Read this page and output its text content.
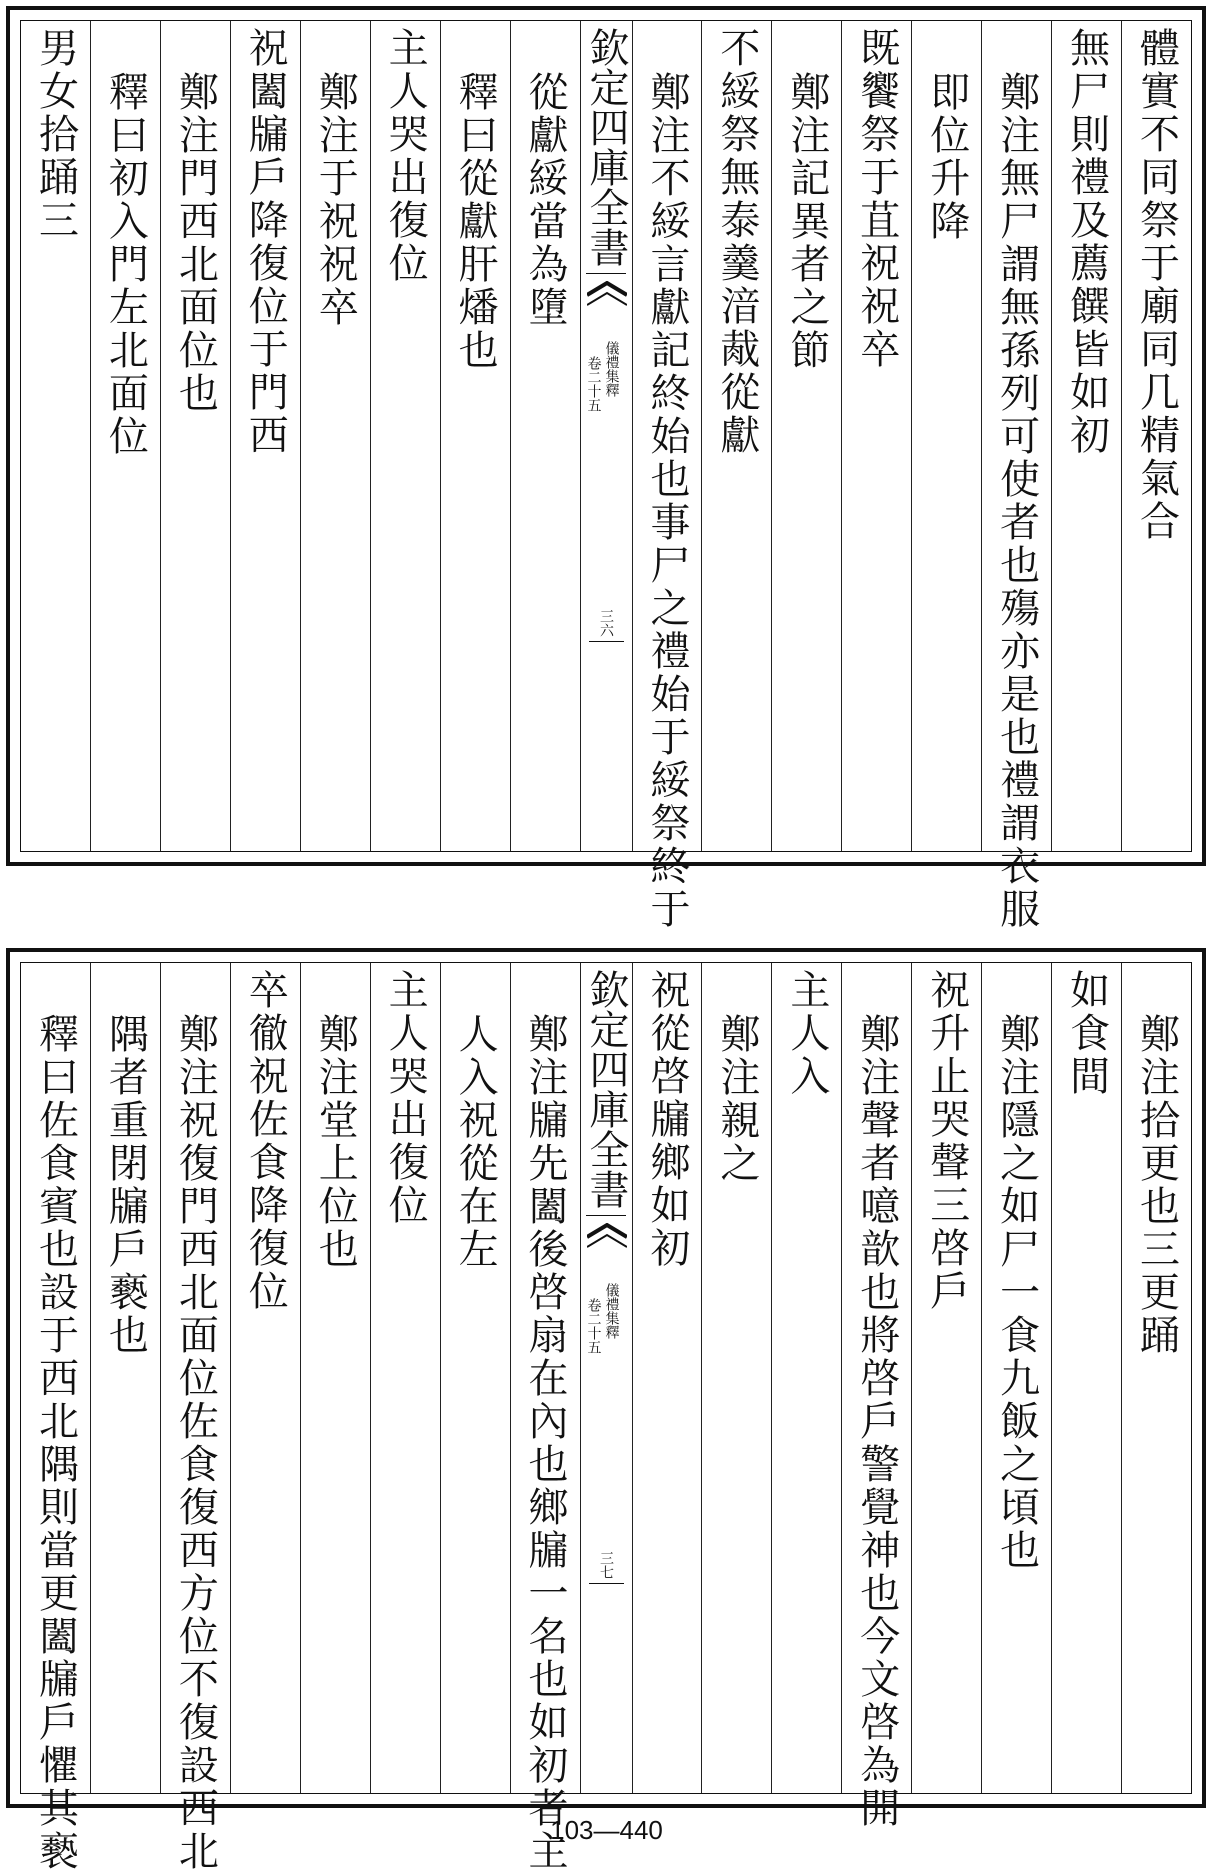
體實不同祭于廟同几精氣合
無尸則禮及薦饌皆如初
鄭注無尸謂無孫列可使者也殤亦是也禮謂衣服
即位升降
既饗祭于苴祝祝卒
鄭注記異者之節
不綏祭無泰羹湆胾從獻
鄭注不綏言獻記終始也事尸之禮始于綏祭終于
欽定四庫全書
儀禮集釋
卷二十五
三六
從獻綏當為墮
釋曰從獻肝燔也
主人哭出復位
鄭注于祝祝卒
祝闔牖戶降復位于門西
鄭注門西北面位也
釋曰初入門左北面位
男女拾踊三
鄭注拾更也三更踊
如食間
鄭注隱之如尸一食九飯之頃也
祝升止哭聲三啓戶
鄭注聲者噫歆也將啓戶警覺神也今文啓為開
主人入
鄭注親之
祝從啓牖鄉如初
欽定四庫全書
儀禮集釋
卷二十五
三七
鄭注牖先闔後啓扇在內也鄉牖一名也如初者主
人入祝從在左
主人哭出復位
鄭注堂上位也
卒徹祝佐食降復位
鄭注祝復門西北面位佐食復西方位不復設西北
隅者重閉牖戶褻也
釋曰佐食賓也設于西北隅則當更闔牖戶懼其褻	103—440
